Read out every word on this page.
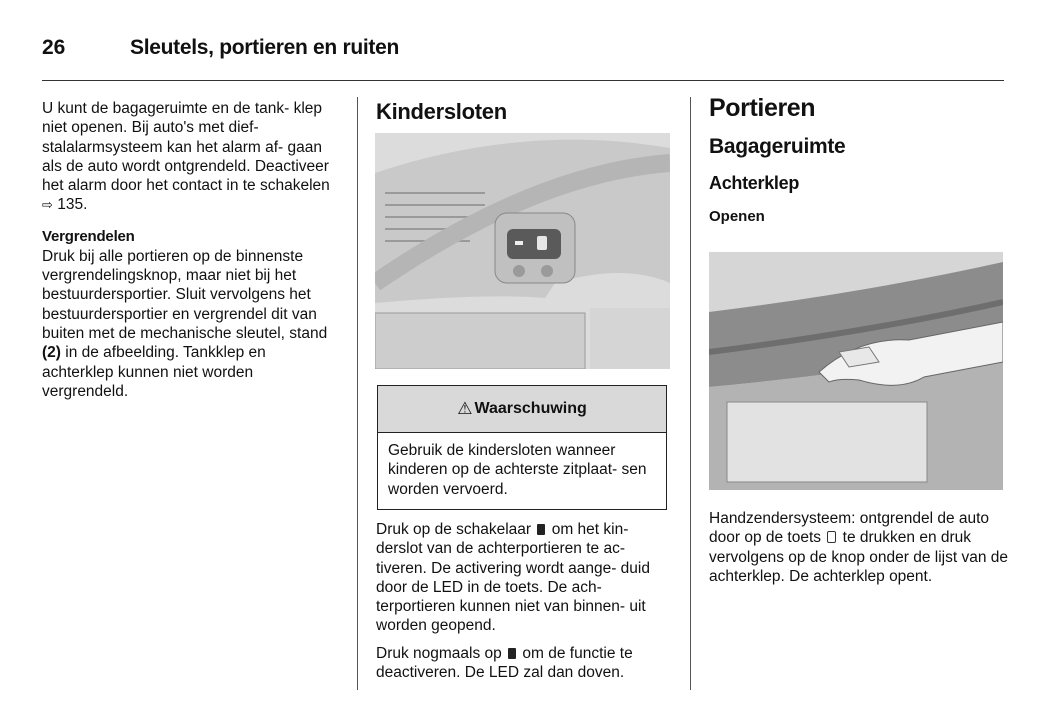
26	Sleutels, portieren en ruiten

U kunt de bagageruimte en de tank- klep niet openen. Bij auto's met dief- stalalarmsysteem kan het alarm af- gaan als de auto wordt ontgrendeld. Deactiveer het alarm door het contact in te schakelen ⇨ 135.

Vergrendelen

Druk bij alle portieren op de binnenste vergrendelingsknop, maar niet bij het bestuurdersportier. Sluit vervolgens het bestuurdersportier en vergrendel dit van buiten met de mechanische sleutel, stand (2) in de afbeelding. Tankklep en achterklep kunnen niet worden vergrendeld.

Kindersloten
⚠ Waarschuwing
Gebruik de kindersloten wanneer kinderen op de achterste zitplaat- sen worden vervoerd.

Druk op de schakelaar om het kin- derslot van de achterportieren te ac- tiveren. De activering wordt aange- duid door de LED in de toets. De ach- terportieren kunnen niet van binnen- uit worden geopend.

Druk nogmaals op om de functie te deactiveren. De LED zal dan doven.

Portieren
Bagageruimte
Achterklep
Openen

Handzendersysteem: ontgrendel de auto door op de toets te drukken en druk vervolgens op de knop onder de lijst van de achterklep. De achterklep opent.
